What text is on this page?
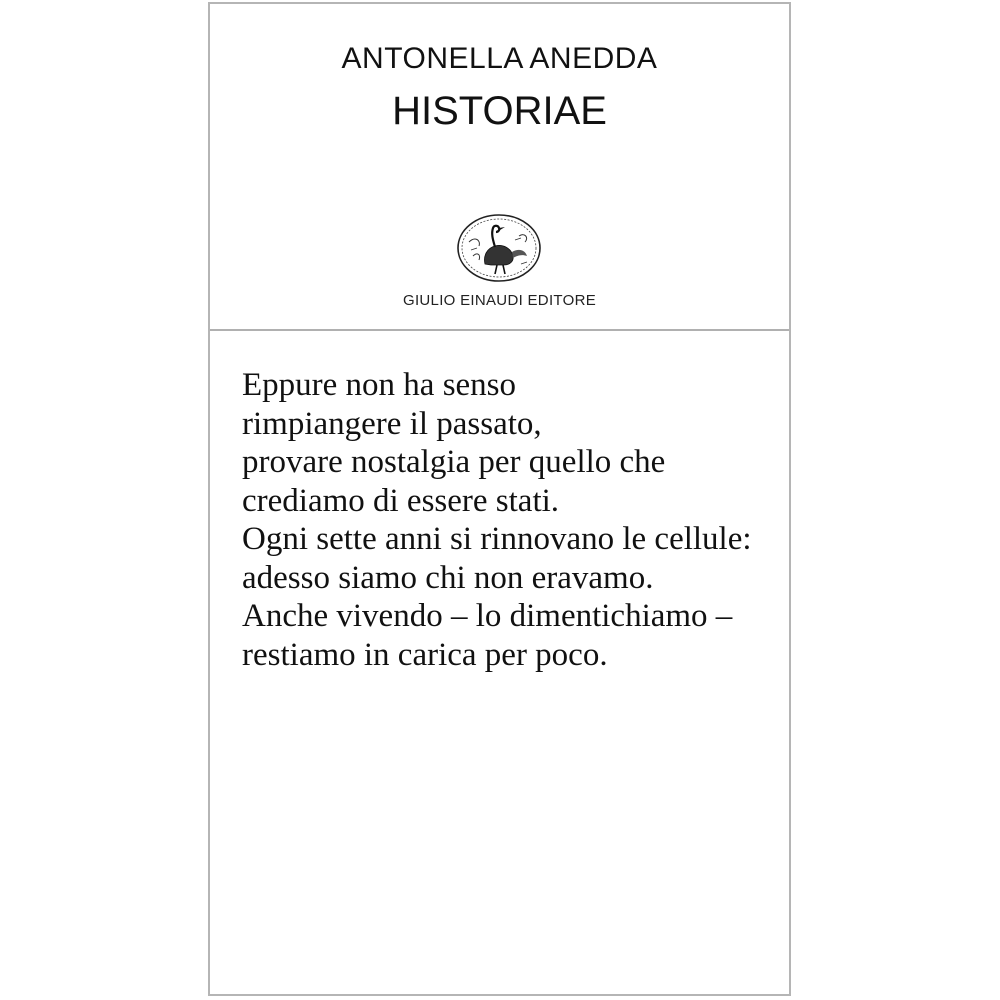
ANTONELLA ANEDDA
HISTORIAE
GIULIO EINAUDI EDITORE
Eppure non ha senso
rimpiangere il passato,
provare nostalgia per quello che
crediamo di essere stati.
Ogni sette anni si rinnovano le cellule:
adesso siamo chi non eravamo.
Anche vivendo – lo dimentichiamo –
restiamo in carica per poco.
